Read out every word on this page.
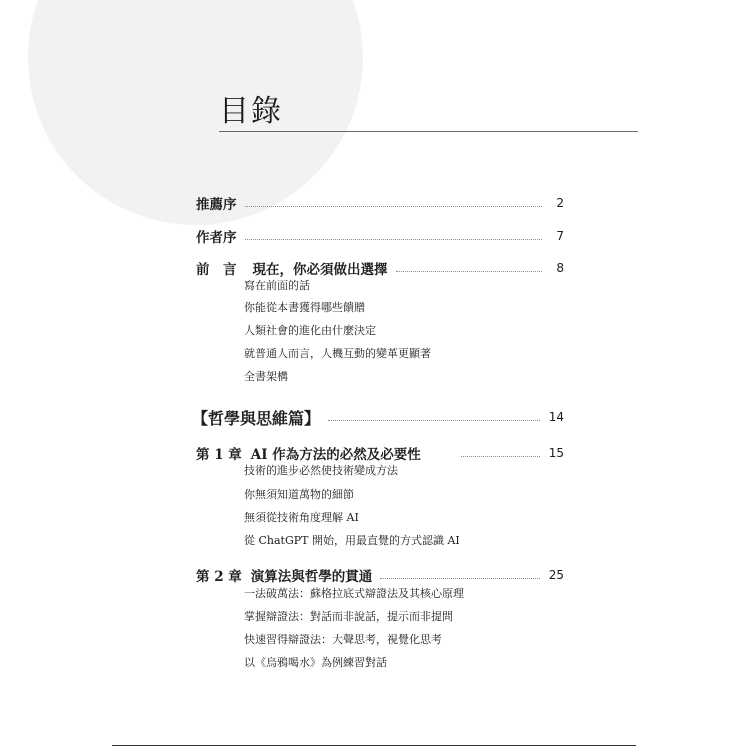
目錄
推薦序	2
作者序	7
前　言 現在，你必須做出選擇	8
寫在前面的話
你能從本書獲得哪些饋贈
人類社會的進化由什麼決定
就普通人而言，人機互動的變革更顯著
全書架構
【哲學與思維篇】	14
第 1 章 AI 作為方法的必然及必要性	15
技術的進步必然使技術變成方法
你無須知道萬物的細節
無須從技術角度理解 AI
從 ChatGPT 開始，用最直覺的方式認識 AI
第 2 章 演算法與哲學的貫通	25
一法破萬法：蘇格拉底式辯證法及其核心原理
掌握辯證法：對話而非說話，提示而非提問
快速習得辯證法：大聲思考，視覺化思考
以《烏鴉喝水》為例練習對話
